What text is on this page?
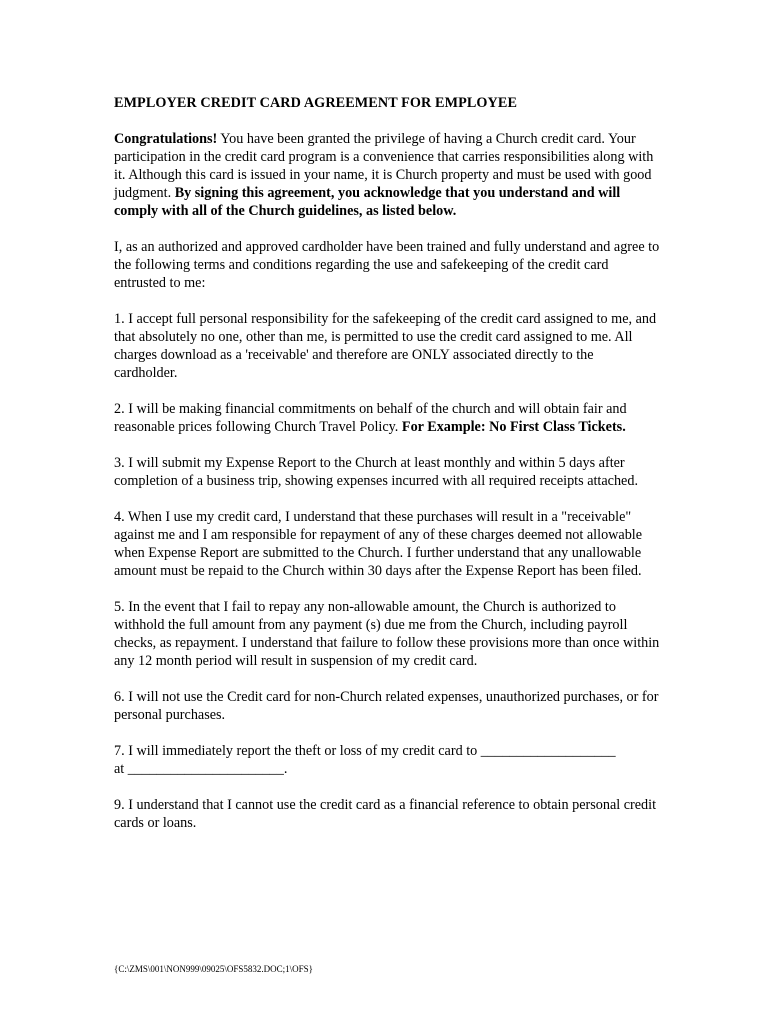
EMPLOYER CREDIT CARD AGREEMENT FOR EMPLOYEE
Congratulations! You have been granted the privilege of having a Church credit card. Your participation in the credit card program is a convenience that carries responsibilities along with it. Although this card is issued in your name, it is Church property and must be used with good judgment. By signing this agreement, you acknowledge that you understand and will comply with all of the Church guidelines, as listed below.
I, as an authorized and approved cardholder have been trained and fully understand and agree to the following terms and conditions regarding the use and safekeeping of the credit card entrusted to me:
1. I accept full personal responsibility for the safekeeping of the credit card assigned to me, and that absolutely no one, other than me, is permitted to use the credit card assigned to me. All charges download as a 'receivable' and therefore are ONLY associated directly to the cardholder.
2. I will be making financial commitments on behalf of the church and will obtain fair and reasonable prices following Church Travel Policy. For Example: No First Class Tickets.
3. I will submit my Expense Report to the Church at least monthly and within 5 days after completion of a business trip, showing expenses incurred with all required receipts attached.
4. When I use my credit card, I understand that these purchases will result in a "receivable" against me and I am responsible for repayment of any of these charges deemed not allowable when Expense Report are submitted to the Church. I further understand that any unallowable amount must be repaid to the Church within 30 days after the Expense Report has been filed.
5. In the event that I fail to repay any non-allowable amount, the Church is authorized to withhold the full amount from any payment (s) due me from the Church, including payroll checks, as repayment. I understand that failure to follow these provisions more than once within any 12 month period will result in suspension of my credit card.
6. I will not use the Credit card for non-Church related expenses, unauthorized purchases, or for personal purchases.
7. I will immediately report the theft or loss of my credit card to ___________________
at ______________________.
9. I understand that I cannot use the credit card as a financial reference to obtain personal credit cards or loans.
{C:\ZMS\001\NON999\09025\OFS5832.DOC;1\OFS}
